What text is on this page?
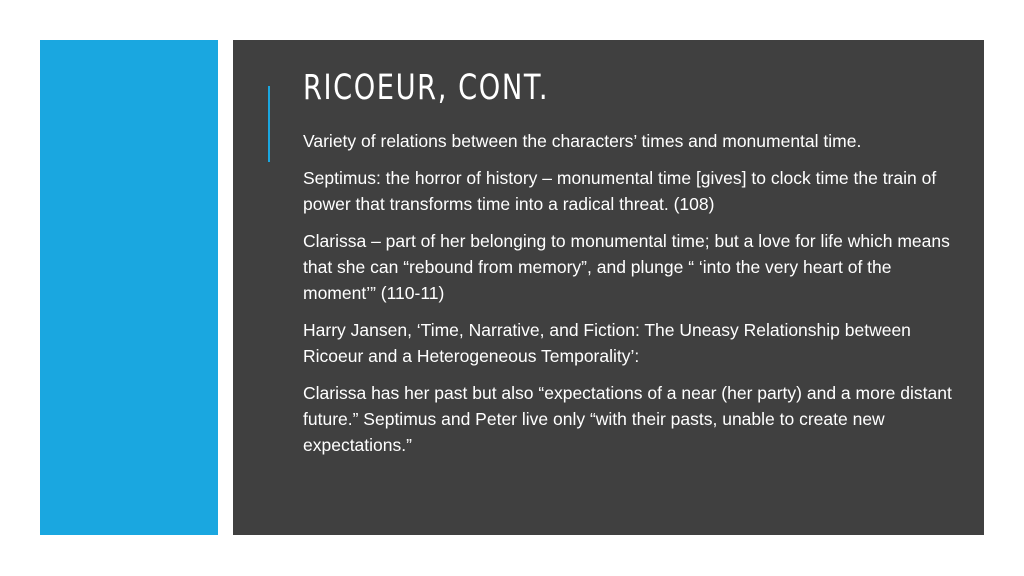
RICOEUR, CONT.
Variety of relations between the characters’ times and monumental time.
Septimus: the horror of history – monumental time [gives] to clock time the train of power that transforms time into a radical threat. (108)
Clarissa – part of her belonging to monumental time; but a love for life which means that she can “rebound from memory”, and plunge “ ‘into the very heart of the moment’” (110-11)
Harry Jansen, ‘Time, Narrative, and Fiction: The Uneasy Relationship between Ricoeur and a Heterogeneous Temporality’:
Clarissa has her past but also “expectations of a near (her party) and a more distant future.” Septimus and Peter live only “with their pasts, unable to create new expectations.”
